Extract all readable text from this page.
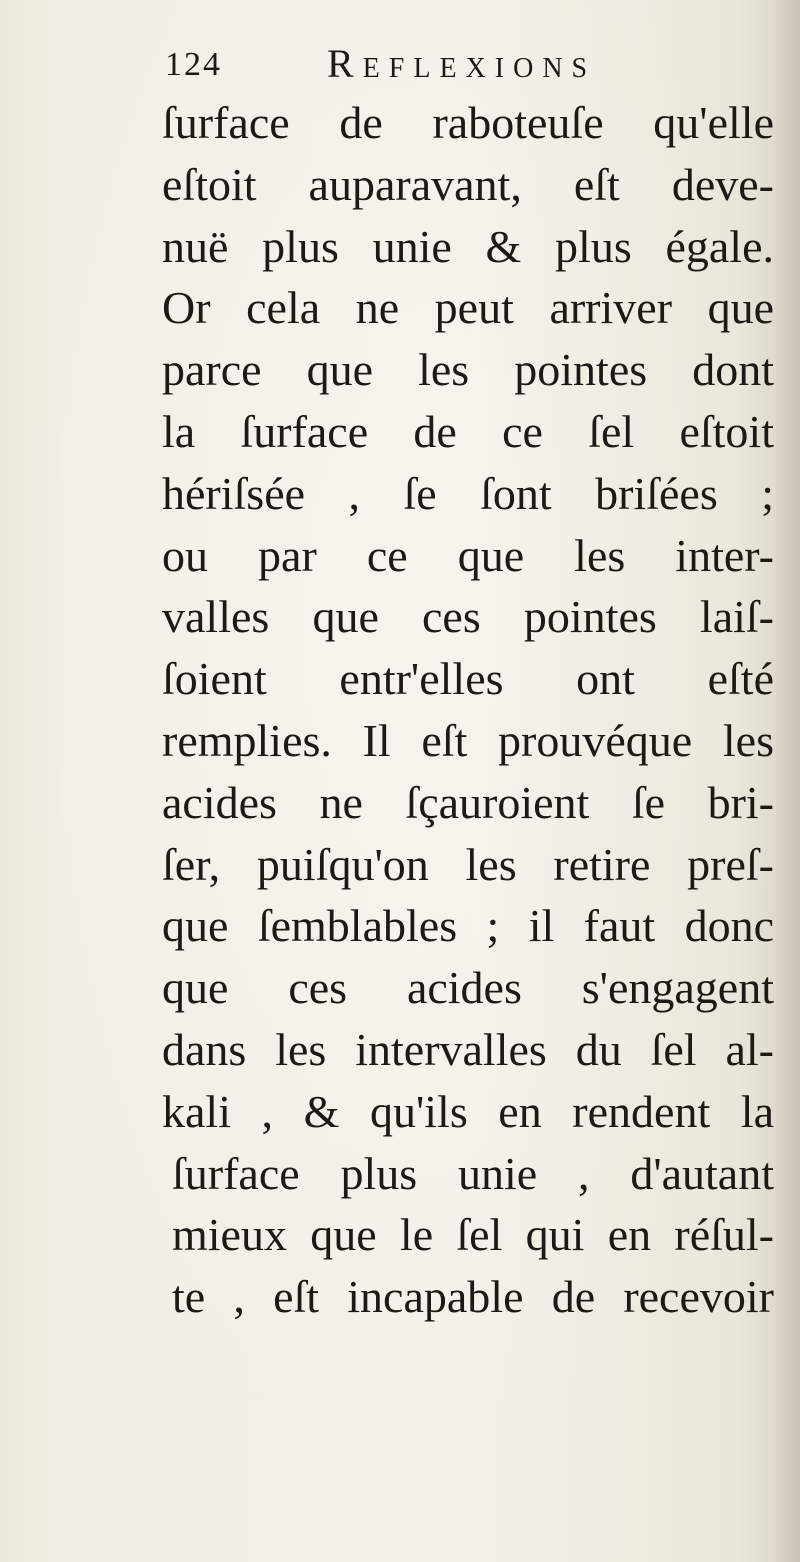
124	Reflexions
ſurface de raboteuſe qu'elle
eſtoit auparavant, eſt deve-
nuë plus unie & plus égale.
Or cela ne peut arriver que
parce que les pointes dont
la ſurface de ce ſel eſtoit
hériſsée , ſe ſont briſées ;
ou par ce que les inter-
valles que ces pointes laiſ-
ſoient entr'elles ont eſté
remplies. Il eſt prouvéque les
acides ne ſçauroient ſe bri-
ſer, puiſqu'on les retire preſ-
que ſemblables ; il faut donc
que ces acides s'engagent
dans les intervalles du ſel al-
kali , & qu'ils en rendent la
ſurface plus unie , d'autant
mieux que le ſel qui en réſul-
te , eſt incapable de recevoir
